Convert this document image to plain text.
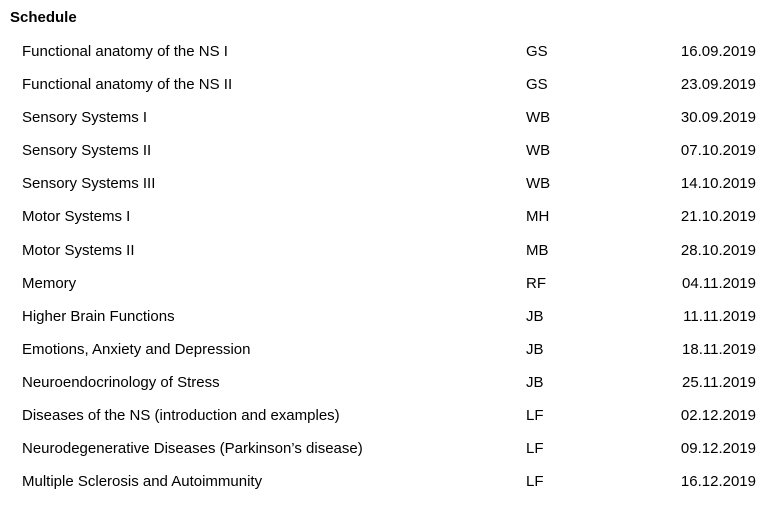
Schedule
Functional anatomy of the NS I	GS	16.09.2019
Functional anatomy of the NS II	GS	23.09.2019
Sensory Systems I	WB	30.09.2019
Sensory Systems II	WB	07.10.2019
Sensory Systems III	WB	14.10.2019
Motor Systems I	MH	21.10.2019
Motor Systems II	MB	28.10.2019
Memory	RF	04.11.2019
Higher Brain Functions	JB	11.11.2019
Emotions, Anxiety and Depression	JB	18.11.2019
Neuroendocrinology of Stress	JB	25.11.2019
Diseases of the NS (introduction and examples)	LF	02.12.2019
Neurodegenerative Diseases (Parkinson’s disease)	LF	09.12.2019
Multiple Sclerosis and Autoimmunity	LF	16.12.2019
